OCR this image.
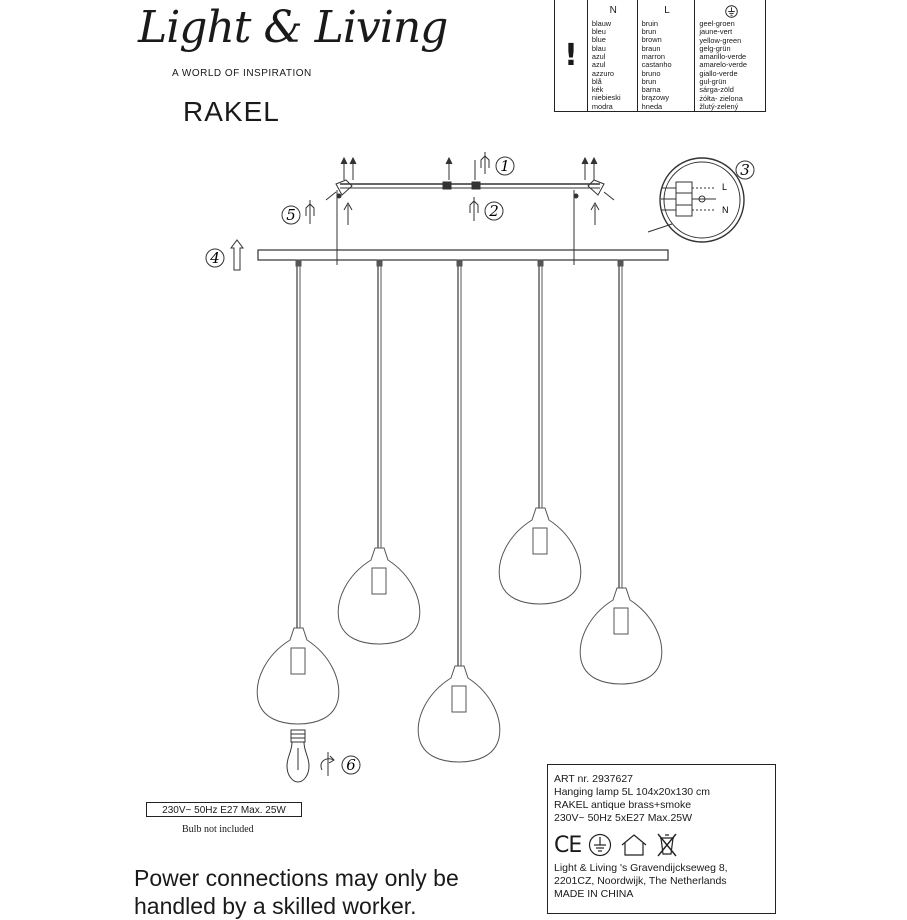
Light & Living
A WORLD OF INSPIRATION
RAKEL
!
N
blauw
bleu
blue
blau
azul
azul
azzuro
blå
kék
niebieski
modra
L
bruin
brun
brown
braun
marron
castanho
bruno
brun
barna
brązowy
hneda
geel-groen
jaune-vert
yellow-green
gelg-grün
amarillo-verde
amarelo-verde
giallo-verde
gul-grün
sárga-zöld
żółta- zielona
žlutý-zelený
1
2
3
4
5
6
L
N
230V~ 50Hz E27 Max. 25W
Bulb not included
ART nr. 2937627
Hanging lamp 5L 104x20x130 cm
RAKEL antique brass+smoke
230V~ 50Hz 5xE27 Max.25W
CE
Light & Living 's Gravendijckseweg 8,
2201CZ, Noordwijk, The Netherlands
MADE IN CHINA
Power connections may only be
handled by a skilled worker.
